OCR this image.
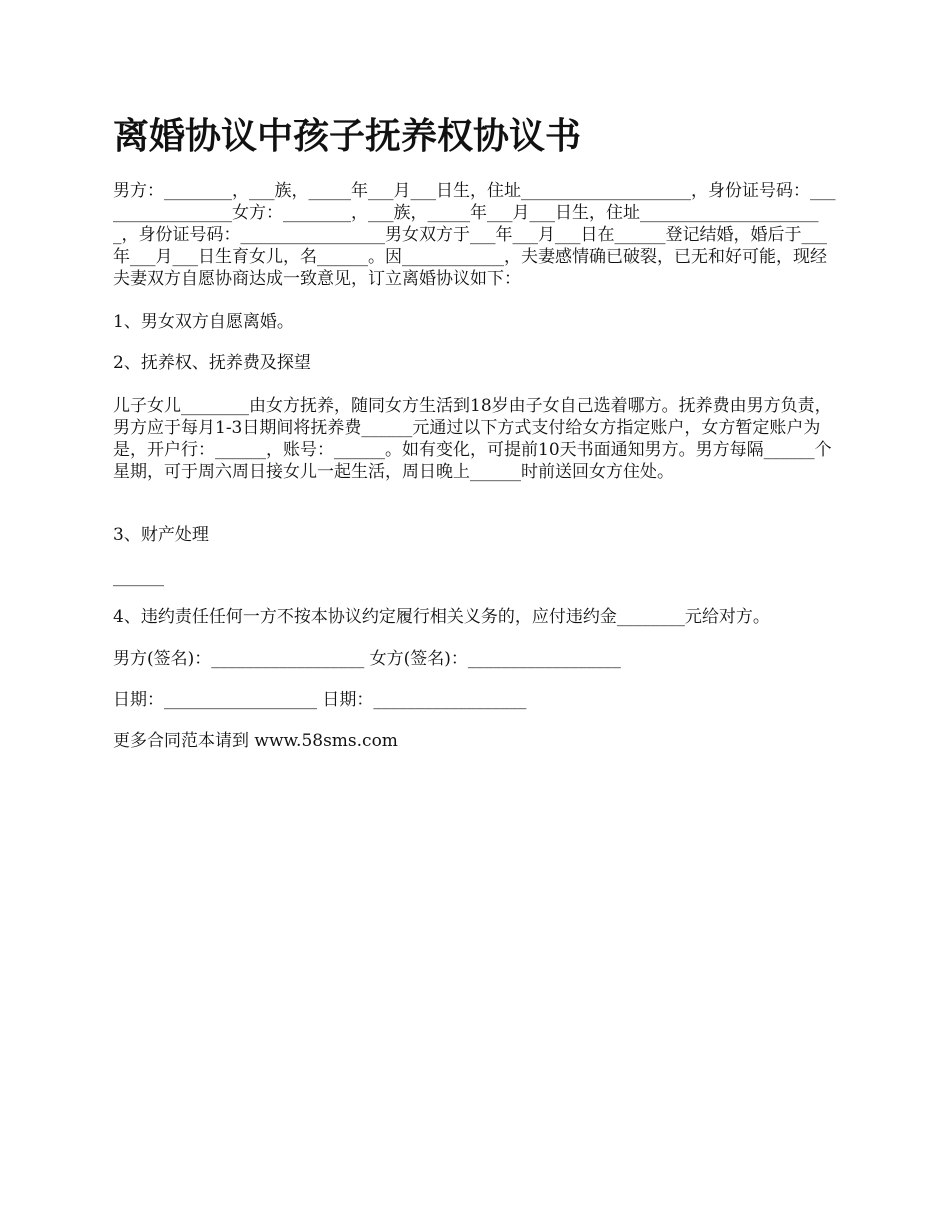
离婚协议中孩子抚养权协议书

男方：________，___族，_____年___月___日生，住址____________________，身份证号码：_________________女方：________，___族，_____年___月___日生，住址______________________，身份证号码：_________________男女双方于___年___月___日在______登记结婚，婚后于___年___月___日生育女儿，名______。因____________，夫妻感情确已破裂，已无和好可能，现经夫妻双方自愿协商达成一致意见，订立离婚协议如下：

1、男女双方自愿离婚。

2、抚养权、抚养费及探望

儿子女儿________由女方抚养，随同女方生活到18岁由子女自己选着哪方。抚养费由男方负责，男方应于每月1-3日期间将抚养费______元通过以下方式支付给女方指定账户，女方暂定账户为是，开户行：______，账号：______。如有变化，可提前10天书面通知男方。男方每隔______个星期，可于周六周日接女儿一起生活，周日晚上______时前送回女方住处。

3、财产处理

______

4、违约责任任何一方不按本协议约定履行相关义务的，应付违约金________元给对方。

男方(签名)：__________________ 女方(签名)：__________________

日期：__________________ 日期：__________________

更多合同范本请到 www.58sms.com
